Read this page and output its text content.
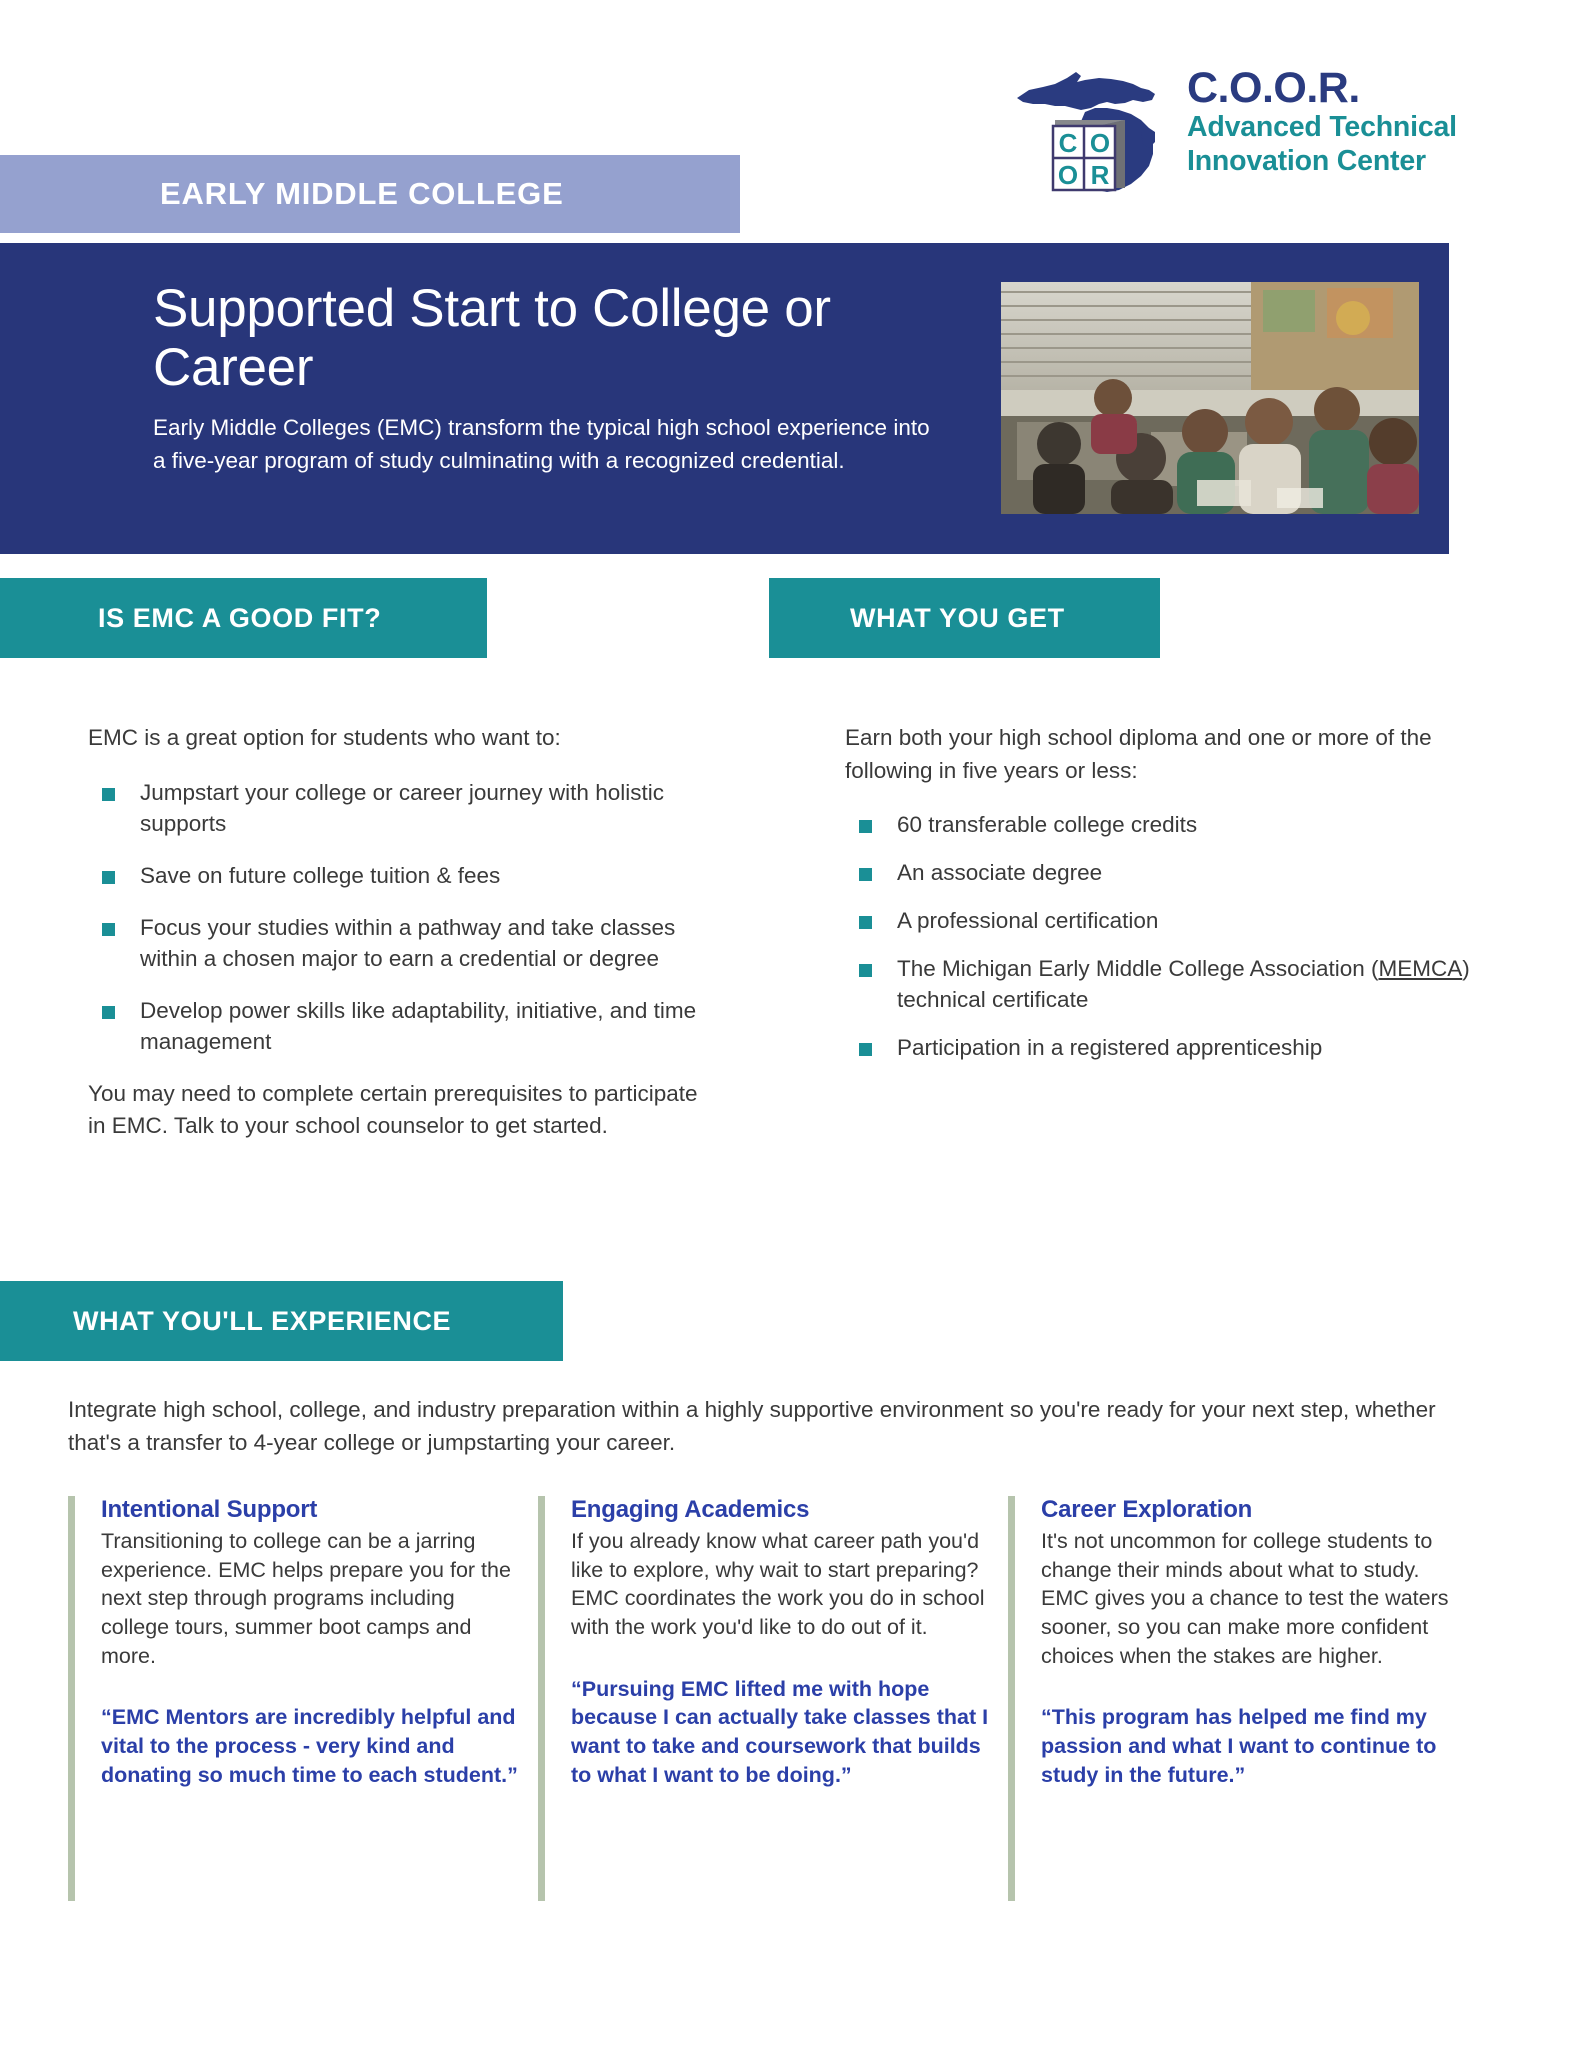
C O
O R
C.O.O.R.
Advanced Technical
Innovation Center
EARLY MIDDLE COLLEGE
Supported Start to College or Career
Early Middle Colleges (EMC) transform the typical high school experience into a five-year program of study culminating with a recognized credential.
IS EMC A GOOD FIT?	WHAT YOU GET

EMC is a great option for students who want to:

Jumpstart your college or career journey with holistic supports
Save on future college tuition & fees
Focus your studies within a pathway and take classes within a chosen major to earn a credential or degree
Develop power skills like adaptability, initiative, and time management

You may need to complete certain prerequisites to participate in EMC. Talk to your school counselor to get started.

Earn both your high school diploma and one or more of the following in five years or less:

60 transferable college credits
An associate degree
A professional certification
The Michigan Early Middle College Association (MEMCA) technical certificate
Participation in a registered apprenticeship
WHAT YOU'LL EXPERIENCE

Integrate high school, college, and industry preparation within a highly supportive environment so you're ready for your next step, whether that's a transfer to 4-year college or jumpstarting your career.

Intentional Support

Transitioning to college can be a jarring experience. EMC helps prepare you for the next step through programs including college tours, summer boot camps and more.

“EMC Mentors are incredibly helpful and vital to the process - very kind and donating so much time to each student.”

Engaging Academics

If you already know what career path you'd like to explore, why wait to start preparing? EMC coordinates the work you do in school with the work you'd like to do out of it.

“Pursuing EMC lifted me with hope because I can actually take classes that I want to take and coursework that builds to what I want to be doing.”

Career Exploration

It's not uncommon for college students to change their minds about what to study. EMC gives you a chance to test the waters sooner, so you can make more confident choices when the stakes are higher.

“This program has helped me find my passion and what I want to continue to study in the future.”
